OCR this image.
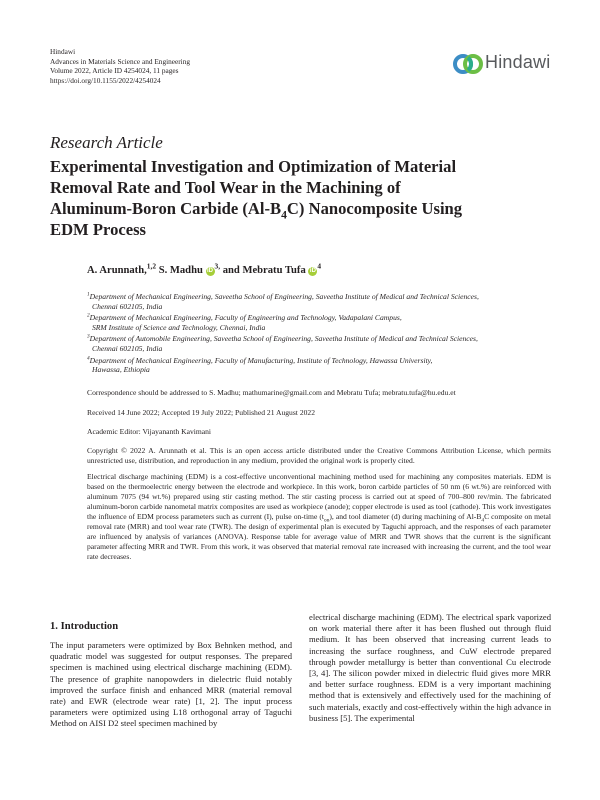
Hindawi
Advances in Materials Science and Engineering
Volume 2022, Article ID 4254024, 11 pages
https://doi.org/10.1155/2022/4254024
Hindawi
Research Article
Experimental Investigation and Optimization of Material
Removal Rate and Tool Wear in the Machining of
Aluminum-Boron Carbide $(Al-B_4C)$ Nanocomposite Using
EDM Process
A. Arunnath,$^{1,2}$ S. Madhu $iD^{3,}$ and Mebratu Tufa $iD^4$
$^1$Department of Mechanical Engineering, Saveetha School of Engineering, Saveetha Institute of Medical and Technical Sciences,
Chennai 602105, India
$^2$Department of Mechanical Engineering, Faculty of Engineering and Technology, Vadapalani Campus,
SRM Institute of Science and Technology, Chennai, India
$^3$Department of Automobile Engineering, Saveetha School of Engineering, Saveetha Institute of Medical and Technical Sciences,
Chennai 602105, India
$^4$Department of Mechanical Engineering, Faculty of Manufacturing, Institute of Technology, Hawassa University,
Hawassa, Ethiopia
Correspondence should be addressed to S. Madhu; mathumarine@gmail.com and Mebratu Tufa; mebratu.tufa@hu.edu.et
Received 14 June 2022; Accepted 19 July 2022; Published 21 August 2022
Academic Editor: Vijayananth Kavimani
Copyright © 2022 A. Arunnath et al. This is an open access article distributed under the Creative Commons Attribution License, which permits unrestricted use, distribution, and reproduction in any medium, provided the original work is properly cited.
Electrical discharge machining (EDM) is a cost-effective unconventional machining method used for machining any composites materials. EDM is based on the thermoelectric energy between the electrode and workpiece. In this work, boron carbide particles of 50 nm (6 wt.%) are reinforced with aluminum 7075 (94 wt.%) prepared using stir casting method. The stir casting process is carried out at speed of 700–800 rev/min. The fabricated aluminum-boron carbide nanometal matrix composites are used as workpiece (anode); copper electrode is used as tool (cathode). This work investigates the influence of EDM process parameters such as current (I), pulse on-time $(t_{on})$, and tool diameter (d) during machining of $Al-B_4C$ composite on metal removal rate (MRR) and tool wear rate (TWR). The design of experimental plan is executed by Taguchi approach, and the responses of each parameter are influenced by analysis of variances (ANOVA). Response table for average value of MRR and TWR shows that the current is the significant parameter affecting MRR and TWR. From this work, it was observed that material removal rate increased with increasing the current, and the tool wear rate decreases.
1. Introduction
The input parameters were optimized by Box Behnken method, and quadratic model was suggested for output responses. The prepared specimen is machined using electrical discharge machining (EDM). The presence of graphite nanopowders in dielectric fluid notably improved the surface finish and enhanced MRR (material removal rate) and EWR (electrode wear rate) [1, 2]. The input process parameters were optimized using L18 orthogonal array of Taguchi Method on AISI D2 steel specimen machined by
electrical discharge machining (EDM). The electrical spark vaporized on work material there after it has been flushed out through fluid medium. It has been observed that increasing current leads to increasing the surface roughness, and CuW electrode prepared through powder metallurgy is better than conventional Cu electrode [3, 4]. The silicon powder mixed in dielectric fluid gives more MRR and better surface roughness. EDM is a very important machining method that is extensively and effectively used for the machining of such materials, exactly and cost-effectively within the high advance in business [5]. The experimental
